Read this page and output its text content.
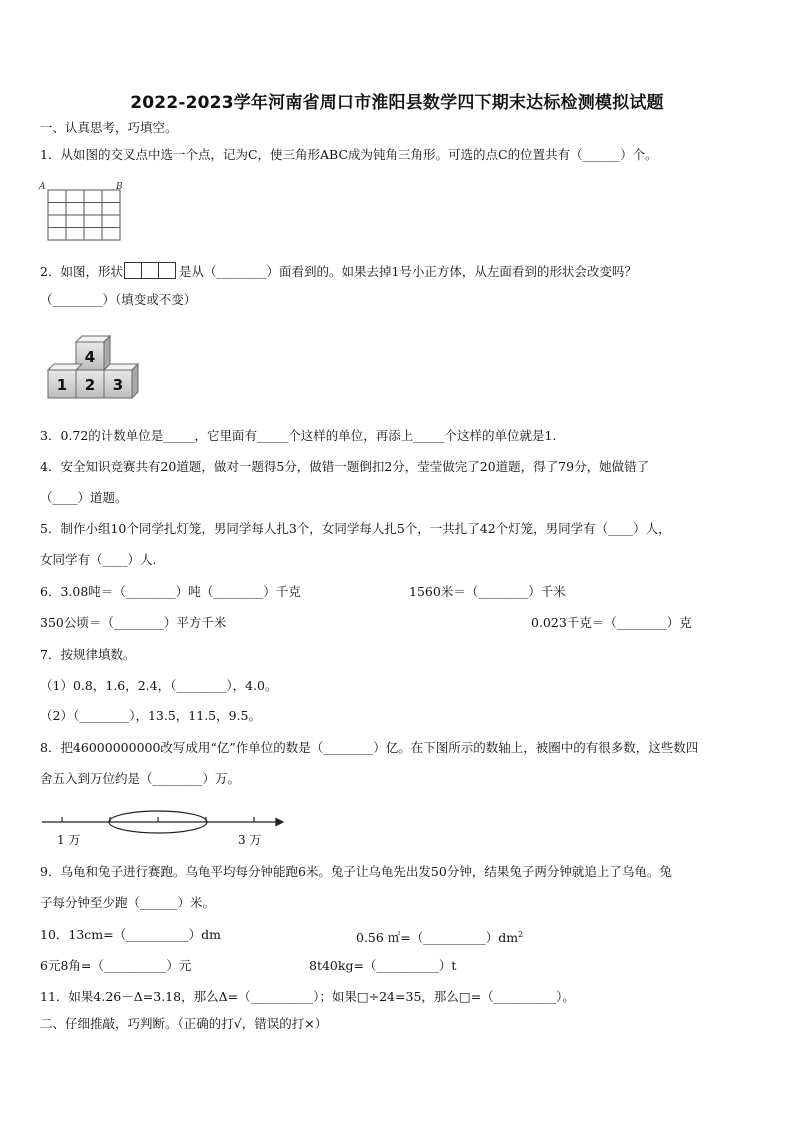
2022-2023学年河南省周口市淮阳县数学四下期末达标检测模拟试题
一、认真思考，巧填空。
1．从如图的交叉点中选一个点，记为C，使三角形ABC成为钝角三角形。可选的点C的位置共有（______）个。
A	B
2．如图，形状	是从（________）面看到的。如果去掉1号小正方体，从左面看到的形状会改变吗？
（________）（填变或不变）
1 2 3
4
3．0.72的计数单位是_____，它里面有_____个这样的单位，再添上_____个这样的单位就是1．
4．安全知识竞赛共有20道题，做对一题得5分，做错一题倒扣2分，莹莹做完了20道题，得了79分，她做错了
（____）道题。
5．制作小组10个同学扎灯笼，男同学每人扎3个，女同学每人扎5个，一共扎了42个灯笼，男同学有（____）人，
女同学有（____）人.
6．3.08吨＝（________）吨（________）千克	1560米＝（________）千米
350公顷＝（________）平方千米	0.023千克＝（________）克
7．按规律填数。
（1）0.8，1.6，2.4，（________），4.0。
（2）（________），13.5，11.5，9.5。
8．把46000000000改写成用“亿”作单位的数是（________）亿。在下图所示的数轴上，被圈中的有很多数，这些数四
舍五入到万位约是（________）万。
1 万	3 万
9．乌龟和兔子进行赛跑。乌龟平均每分钟能跑6米。兔子让乌龟先出发50分钟，结果兔子两分钟就追上了乌龟。兔
子每分钟至少跑（______）米。
10．13cm=（__________）dm	0.56 $㎡=(\_\_\_\_\_\_\_\_\_\_)dm^2$
6元8角=（__________）元	8t40kg=（__________）t
11．如果4.26－Δ=3.18，那么Δ=（__________）；如果□÷24=35，那么□=（__________）。
二、仔细推敲，巧判断。（正确的打√，错误的打×）
